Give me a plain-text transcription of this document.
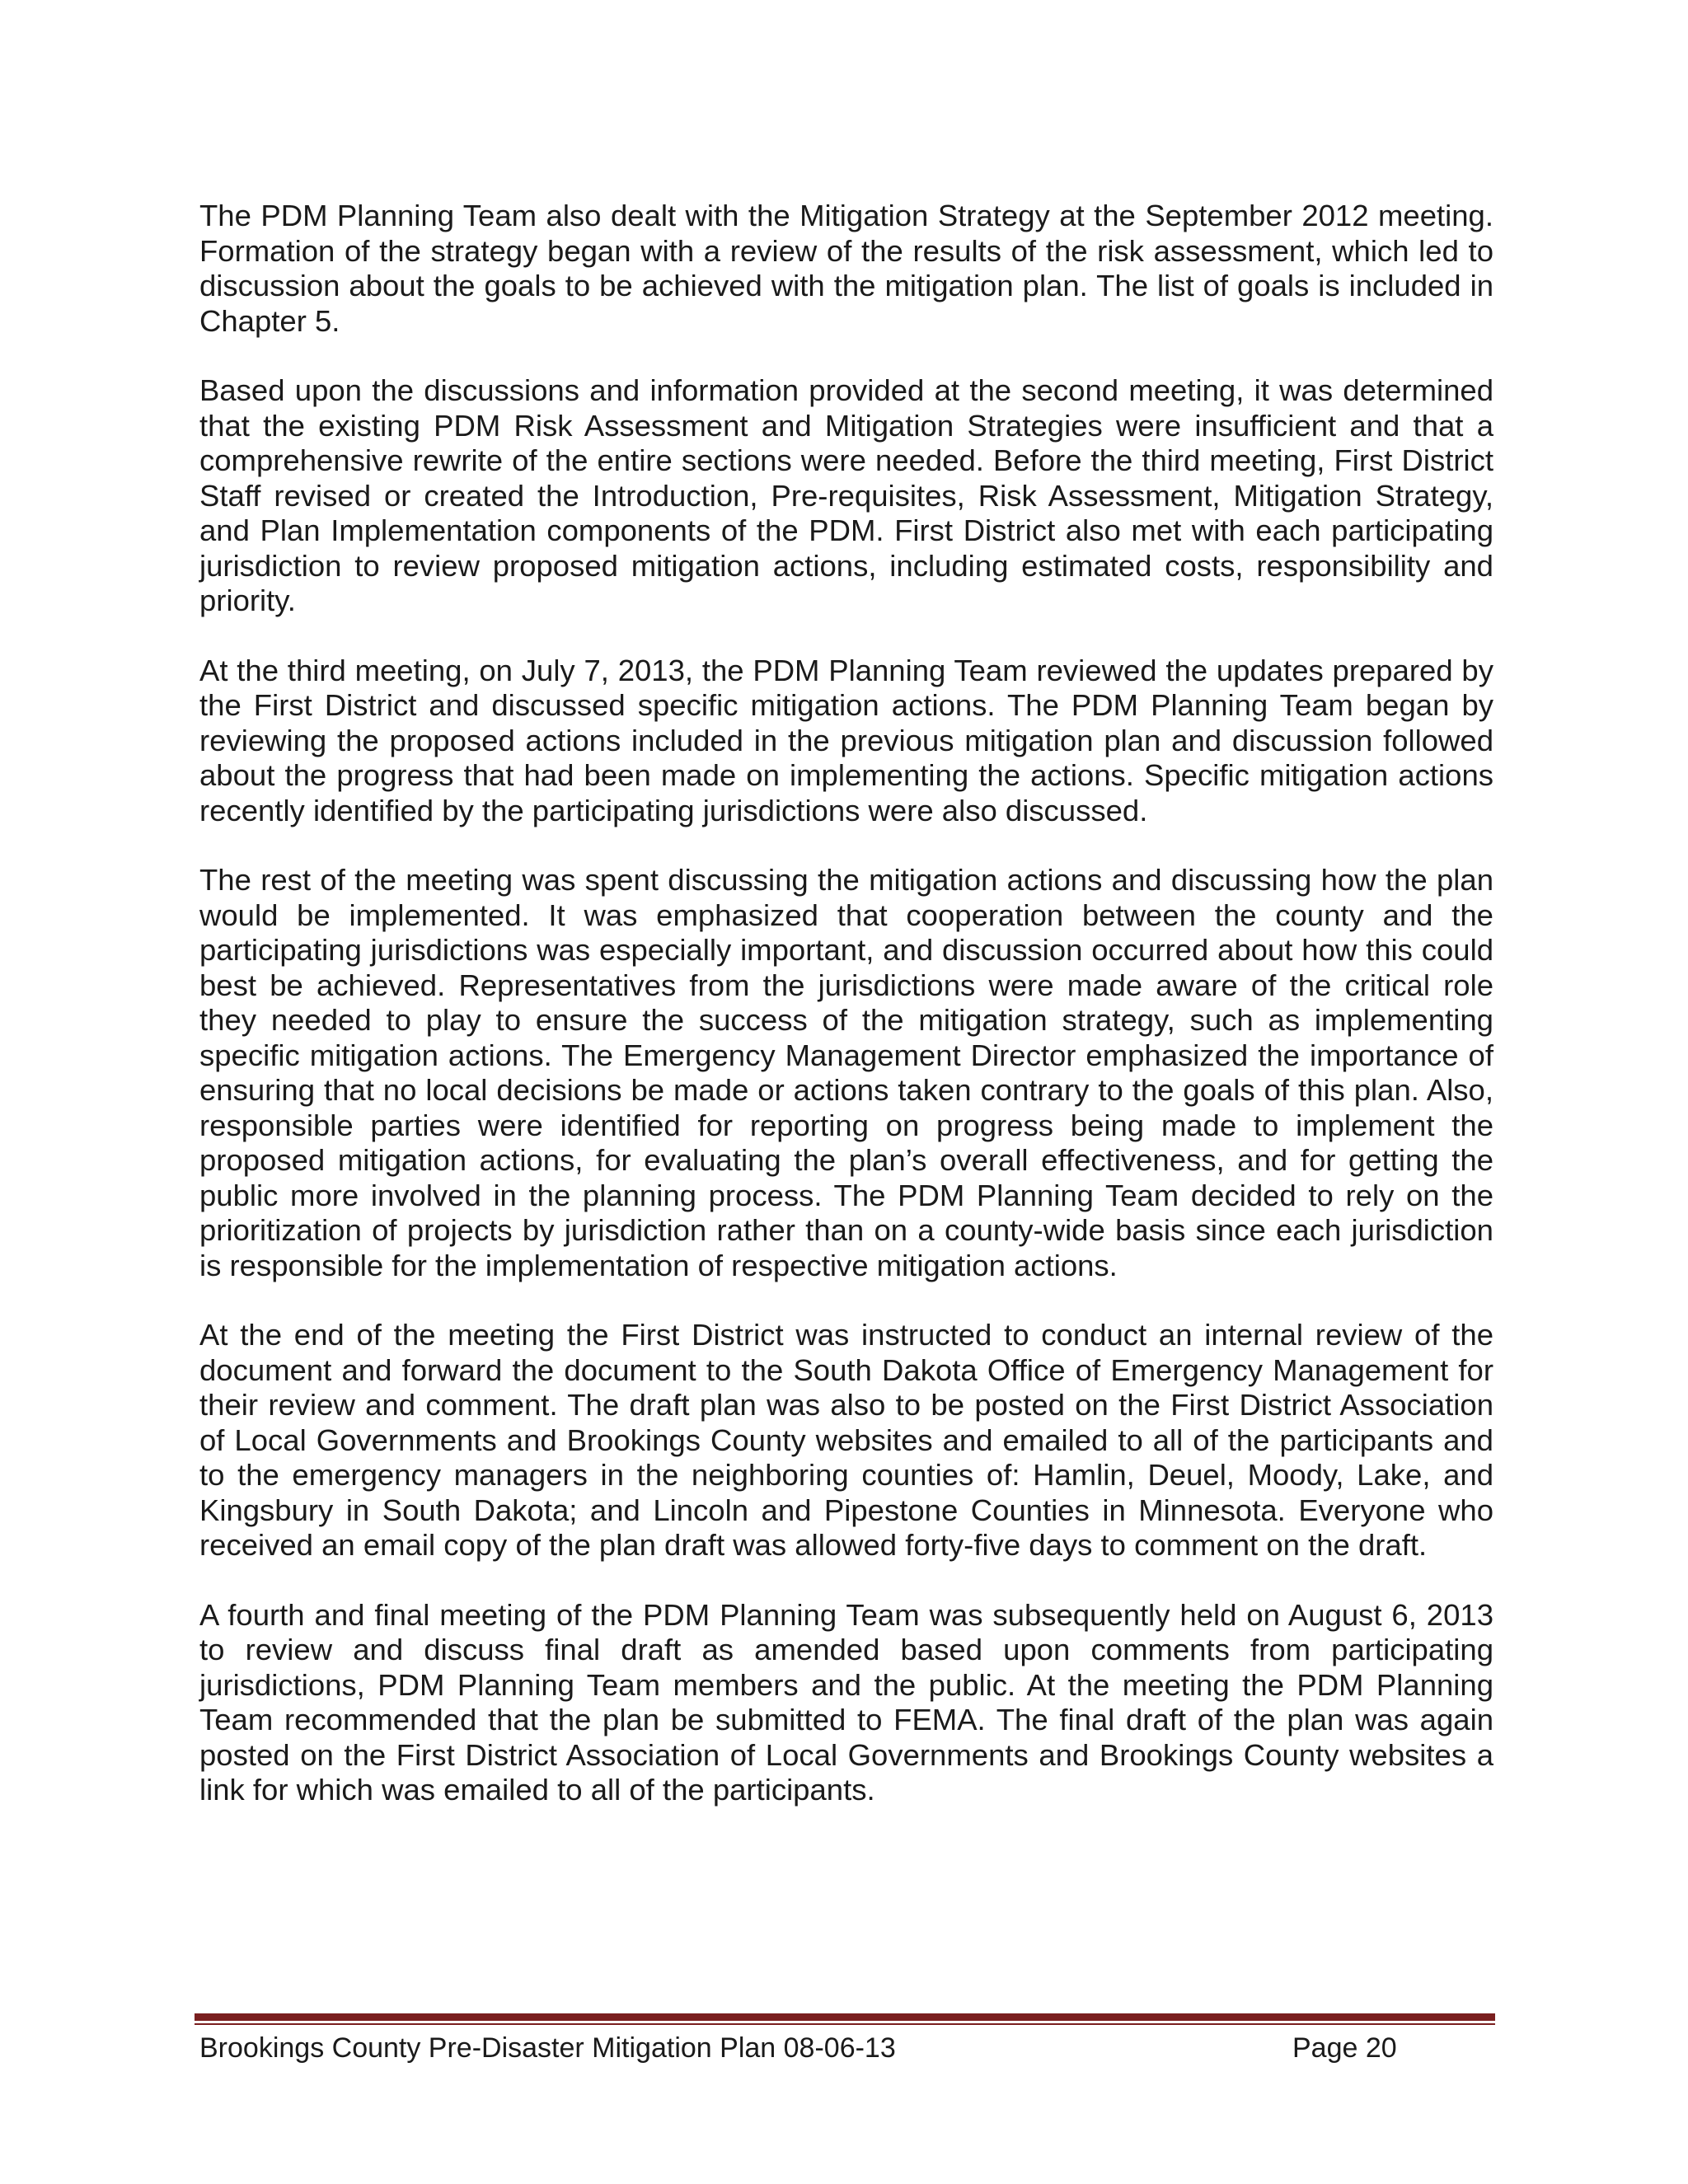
The PDM Planning Team also dealt with the Mitigation Strategy at the September 2012 meeting. Formation of the strategy began with a review of the results of the risk assessment, which led to discussion about the goals to be achieved with the mitigation plan. The list of goals is included in Chapter 5.

Based upon the discussions and information provided at the second meeting, it was determined that the existing PDM Risk Assessment and Mitigation Strategies were insufficient and that a comprehensive rewrite of the entire sections were needed. Before the third meeting, First District Staff revised or created the Introduction, Pre-requisites, Risk Assessment, Mitigation Strategy, and Plan Implementation components of the PDM. First District also met with each participating jurisdiction to review proposed mitigation actions, including estimated costs, responsibility and priority.

At the third meeting, on July 7, 2013, the PDM Planning Team reviewed the updates prepared by the First District and discussed specific mitigation actions. The PDM Planning Team began by reviewing the proposed actions included in the previous mitigation plan and discussion followed about the progress that had been made on implementing the actions. Specific mitigation actions recently identified by the participating jurisdictions were also discussed.

The rest of the meeting was spent discussing the mitigation actions and discussing how the plan would be implemented. It was emphasized that cooperation between the county and the participating jurisdictions was especially important, and discussion occurred about how this could best be achieved. Representatives from the jurisdictions were made aware of the critical role they needed to play to ensure the success of the mitigation strategy, such as implementing specific mitigation actions. The Emergency Management Director emphasized the importance of ensuring that no local decisions be made or actions taken contrary to the goals of this plan. Also, responsible parties were identified for reporting on progress being made to implement the proposed mitigation actions, for evaluating the plan’s overall effectiveness, and for getting the public more involved in the planning process. The PDM Planning Team decided to rely on the prioritization of projects by jurisdiction rather than on a county-wide basis since each jurisdiction is responsible for the implementation of respective mitigation actions.

At the end of the meeting the First District was instructed to conduct an internal review of the document and forward the document to the South Dakota Office of Emergency Management for their review and comment. The draft plan was also to be posted on the First District Association of Local Governments and Brookings County websites and emailed to all of the participants and to the emergency managers in the neighboring counties of: Hamlin, Deuel, Moody, Lake, and Kingsbury in South Dakota; and Lincoln and Pipestone Counties in Minnesota. Everyone who received an email copy of the plan draft was allowed forty-five days to comment on the draft.

A fourth and final meeting of the PDM Planning Team was subsequently held on August 6, 2013 to review and discuss final draft as amended based upon comments from participating jurisdictions, PDM Planning Team members and the public. At the meeting the PDM Planning Team recommended that the plan be submitted to FEMA. The final draft of the plan was again posted on the First District Association of Local Governments and Brookings County websites a link for which was emailed to all of the participants.

Brookings County Pre-Disaster Mitigation Plan 08-06-13	Page 20
